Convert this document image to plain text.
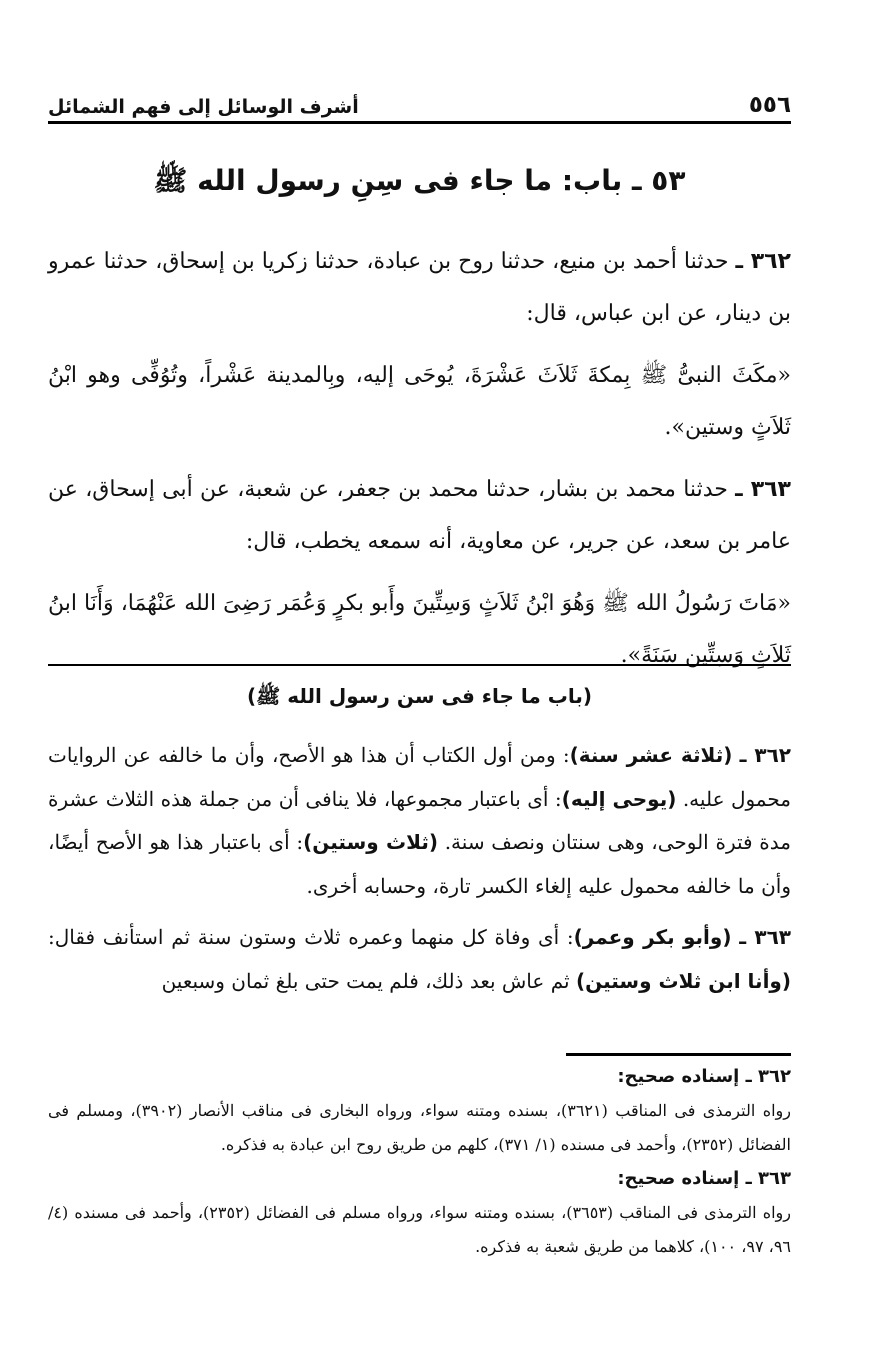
٥٥٦
أشرف الوسائل إلى فهم الشمائل
٥٣ ـ باب: ما جاء فى سِنِ رسول الله ﷺ

٣٦٢ ـ حدثنا أحمد بن منيع، حدثنا روح بن عبادة، حدثنا زكريا بن إسحاق، حدثنا عمرو بن دينار، عن ابن عباس، قال:

«مكَثَ النبىُّ ﷺ بِمكةَ ثَلاَثَ عَشْرَةَ، يُوحَى إليه، وبِالمدينة عَشْراً، وتُوُفِّى وهو ابْنُ ثَلاَثٍ وستين».

٣٦٣ ـ حدثنا محمد بن بشار، حدثنا محمد بن جعفر، عن شعبة، عن أبى إسحاق، عن عامر بن سعد، عن جرير، عن معاوية، أنه سمعه يخطب، قال:

«مَاتَ رَسُولُ الله ﷺ وَهُوَ ابْنُ ثَلاَثٍ وَسِتِّينَ وأَبو بكرٍ وَعُمَر رَضِىَ الله عَنْهُمَا، وَأَنَا ابنُ ثَلاَثٍ وَسِتِّين سَنَةً».

(باب ما جاء فى سن رسول الله ﷺ)

٣٦٢ ـ (ثلاثة عشر سنة): ومن أول الكتاب أن هذا هو الأصح، وأن ما خالفه عن الروايات محمول عليه. (يوحى إليه): أى باعتبار مجموعها، فلا ينافى أن من جملة هذه الثلاث عشرة مدة فترة الوحى، وهى سنتان ونصف سنة. (ثلاث وستين): أى باعتبار هذا هو الأصح أيضًا، وأن ما خالفه محمول عليه إلغاء الكسر تارة، وحسابه أخرى.

٣٦٣ ـ (وأبو بكر وعمر): أى وفاة كل منهما وعمره ثلاث وستون سنة ثم استأنف فقال: (وأنا ابن ثلاث وستين) ثم عاش بعد ذلك، فلم يمت حتى بلغ ثمان وسبعين

٣٦٢ ـ إسناده صحيح:

رواه الترمذى فى المناقب (٣٦٢١)، بسنده ومتنه سواء، ورواه البخارى فى مناقب الأنصار (٣٩٠٢)، ومسلم فى الفضائل (٢٣٥٢)، وأحمد فى مسنده (١/ ٣٧١)، كلهم من طريق روح ابن عبادة به فذكره.

٣٦٣ ـ إسناده صحيح:

رواه الترمذى فى المناقب (٣٦٥٣)، بسنده ومتنه سواء، ورواه مسلم فى الفضائل (٢٣٥٢)، وأحمد فى مسنده (٤/ ٩٦، ٩٧، ١٠٠)، كلاهما من طريق شعبة به فذكره.
